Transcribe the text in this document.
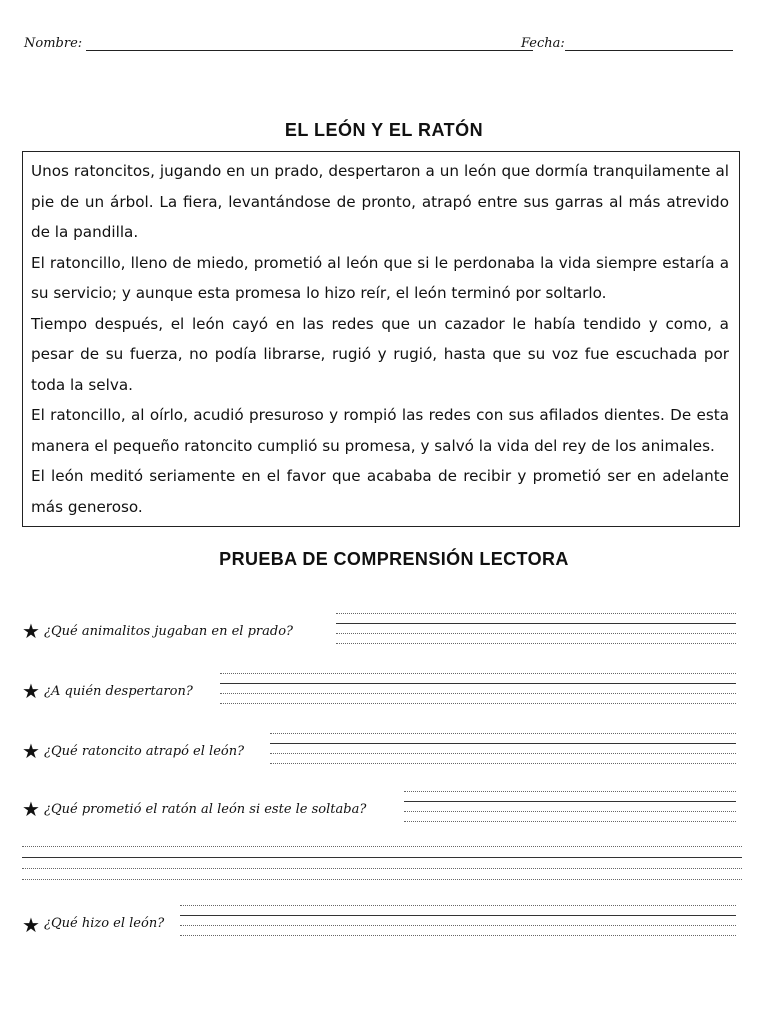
Nombre:	Fecha:
EL LEÓN Y EL RATÓN

Unos ratoncitos, jugando en un prado, despertaron a un león que dormía tranquilamente al pie de un árbol. La fiera, levantándose de pronto, atrapó entre sus garras al más atrevido de la pandilla.

El ratoncillo, lleno de miedo, prometió al león que si le perdonaba la vida siempre estaría a su servicio; y aunque esta promesa lo hizo reír, el león terminó por soltarlo.

Tiempo después, el león cayó en las redes que un cazador le había tendido y como, a pesar de su fuerza, no podía librarse, rugió y rugió, hasta que su voz fue escuchada por toda la selva.

El ratoncillo, al oírlo, acudió presuroso y rompió las redes con sus afilados dientes. De esta manera el pequeño ratoncito cumplió su promesa, y salvó la vida del rey de los animales.

El león meditó seriamente en el favor que acababa de recibir y prometió ser en adelante más generoso.

PRUEBA DE COMPRENSIÓN LECTORA
★ ¿Qué animalitos jugaban en el prado?
★ ¿A quién despertaron?
★ ¿Qué ratoncito atrapó el león?
★ ¿Qué prometió el ratón al león si este le soltaba?
★ ¿Qué hizo el león?
